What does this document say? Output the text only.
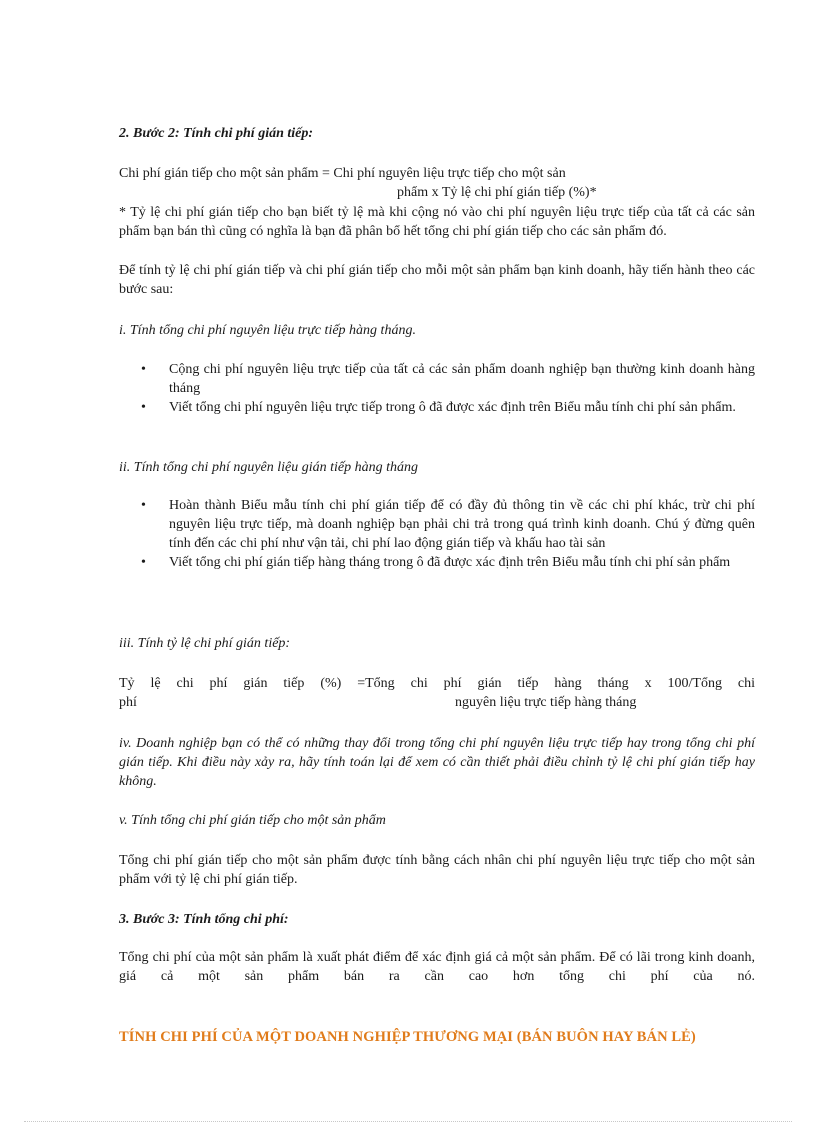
2. Bước 2: Tính chi phí gián tiếp:
Chi phí gián tiếp cho một sản phẩm = Chi phí nguyên liệu trực tiếp cho một sản
phẩm x Tỷ lệ chi phí gián tiếp (%)*
* Tỷ lệ chi phí gián tiếp cho bạn biết tỷ lệ mà khi cộng nó vào chi phí nguyên liệu trực tiếp của tất cả các sản phẩm bạn bán thì cũng có nghĩa là bạn đã phân bổ hết tổng chi phí gián tiếp cho các sản phẩm đó.
Để tính tỷ lệ chi phí gián tiếp và chi phí gián tiếp cho mỗi một sản phẩm bạn kinh doanh, hãy tiến hành theo các bước sau:
i. Tính tổng chi phí nguyên liệu trực tiếp hàng tháng.
• Cộng chi phí nguyên liệu trực tiếp của tất cả các sản phẩm doanh nghiệp bạn thường kinh doanh hàng tháng
• Viết tổng chi phí nguyên liệu trực tiếp trong ô đã được xác định trên Biểu mẫu tính chi phí sản phẩm.
ii. Tính tổng chi phí nguyên liệu gián tiếp hàng tháng
• Hoàn thành Biểu mẫu tính chi phí gián tiếp để có đầy đủ thông tin về các chi phí khác, trừ chi phí nguyên liệu trực tiếp, mà doanh nghiệp bạn phải chi trả trong quá trình kinh doanh. Chú ý đừng quên tính đến các chi phí như vận tải, chi phí lao động gián tiếp và khấu hao tài sản
• Viết tổng chi phí gián tiếp hàng tháng trong ô đã được xác định trên Biểu mẫu tính chi phí sản phẩm
iii. Tính tỷ lệ chi phí gián tiếp:
Tỷ lệ chi phí gián tiếp (%) =Tổng chi phí gián tiếp hàng tháng x 100/Tổng chi
phí	nguyên liệu trực tiếp hàng tháng
iv. Doanh nghiệp bạn có thể có những thay đổi trong tổng chi phí nguyên liệu trực tiếp hay trong tổng chi phí gián tiếp. Khi điều này xảy ra, hãy tính toán lại để xem có cần thiết phải điều chỉnh tỷ lệ chi phí gián tiếp hay không.
v. Tính tổng chi phí gián tiếp cho một sản phẩm
Tổng chi phí gián tiếp cho một sản phẩm được tính bằng cách nhân chi phí nguyên liệu trực tiếp cho một sản phẩm với tỷ lệ chi phí gián tiếp.
3. Bước 3: Tính tổng chi phí:
Tổng chi phí của một sản phẩm là xuất phát điểm để xác định giá cả một sản phẩm. Để có lãi trong kinh doanh, giá cả một sản phẩm bán ra cần cao hơn tổng chi phí của nó.
TÍNH CHI PHÍ CỦA MỘT DOANH NGHIỆP THƯƠNG MẠI (BÁN BUÔN HAY BÁN LẺ)
